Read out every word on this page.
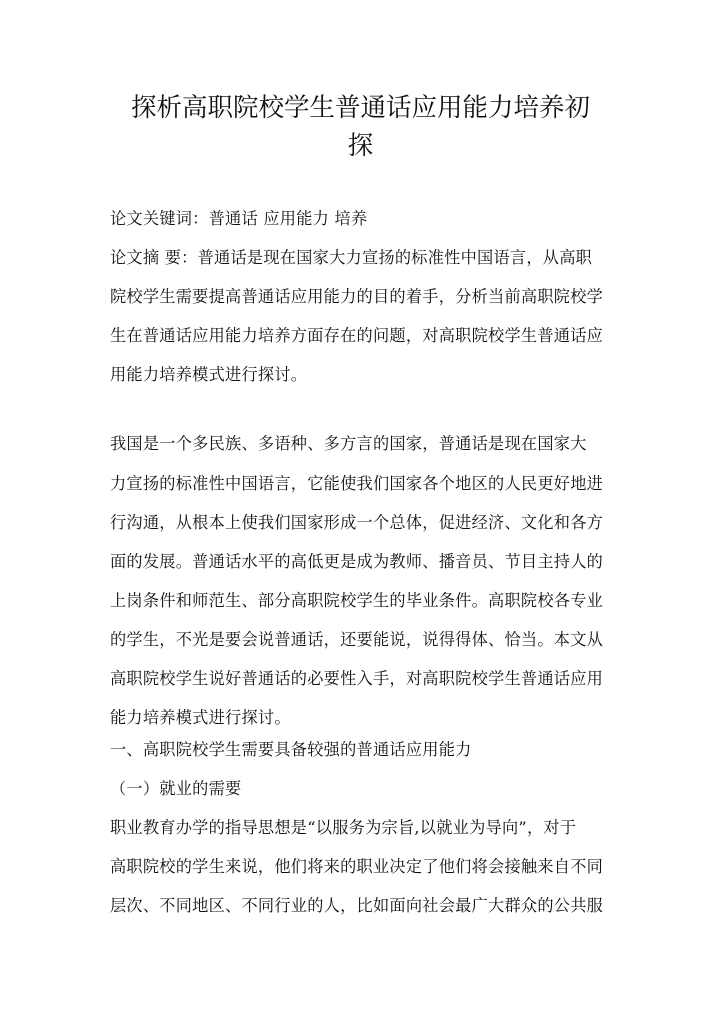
探析高职院校学生普通话应用能力培养初
探
论文关键词：普通话 应用能力 培养
论文摘 要：普通话是现在国家大力宣扬的标准性中国语言，从高职
院校学生需要提高普通话应用能力的目的着手，分析当前高职院校学
生在普通话应用能力培养方面存在的问题，对高职院校学生普通话应
用能力培养模式进行探讨。
我国是一个多民族、多语种、多方言的国家，普通话是现在国家大
力宣扬的标准性中国语言，它能使我们国家各个地区的人民更好地进
行沟通，从根本上使我们国家形成一个总体，促进经济、文化和各方
面的发展。普通话水平的高低更是成为教师、播音员、节目主持人的
上岗条件和师范生、部分高职院校学生的毕业条件。高职院校各专业
的学生，不光是要会说普通话，还要能说，说得得体、恰当。本文从
高职院校学生说好普通话的必要性入手，对高职院校学生普通话应用
能力培养模式进行探讨。
一、高职院校学生需要具备较强的普通话应用能力
（一）就业的需要
职业教育办学的指导思想是“以服务为宗旨,以就业为导向”，对于
高职院校的学生来说，他们将来的职业决定了他们将会接触来自不同
层次、不同地区、不同行业的人，比如面向社会最广大群众的公共服
